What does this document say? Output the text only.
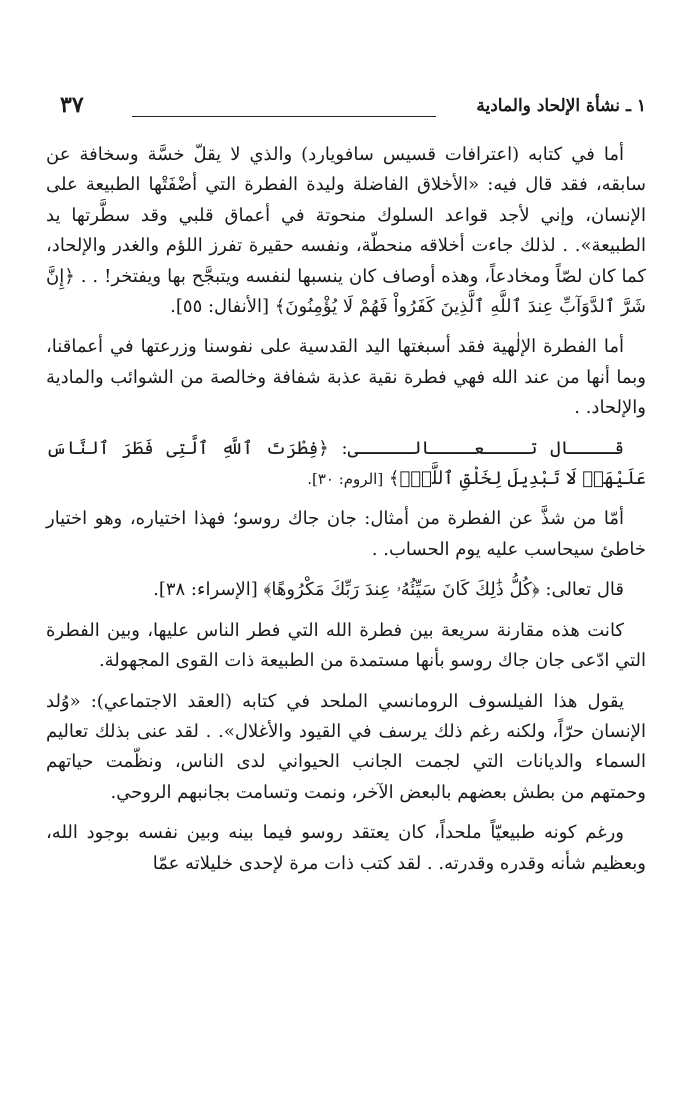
١ ـ نشأة الإلحاد والمادية
٣٧

أما في كتابه (اعترافات قسيس سافويارد) والذي لا يقلّ خسَّة وسخافة عن سابقه، فقد قال فيه: «الأخلاق الفاضلة وليدة الفطرة التي أضْفَتْها الطبيعة على الإنسان، وإني لأجد قواعد السلوك منحوتة في أعماق قلبي وقد سطَّرتها يد الطبيعة». . لذلك جاءت أخلاقه منحطّة، ونفسه حقيرة تفرز اللؤم والغدر والإلحاد، كما كان لصّاً ومخادعاً، وهذه أوصاف كان ينسبها لنفسه ويتبجَّح بها ويفتخر! . . ﴿إِنَّ شَرَّ ٱلدَّوَآبِّ عِندَ ٱللَّهِ ٱلَّذِينَ كَفَرُواْ فَهُمْ لَا يُؤْمِنُونَ﴾ [الأنفال: ٥٥].

أما الفطرة الإلٰهية فقد أسبغتها اليد القدسية على نفوسنا وزرعتها في أعماقنا، وبما أنها من عند الله فهي فطرة نقية عذبة شفافة وخالصة من الشوائب والمادية والإلحاد. .

قــــال تــــعــــالـــــى: ﴿فِطْرَتَ ٱللَّهِ ٱلَّتِى فَطَرَ ٱلنَّاسَ عَلَيْهَاۚ لَا تَبْدِيلَ لِخَلْقِ ٱللَّهِۚ﴾ [الروم: ٣٠].

أمّا من شذَّ عن الفطرة من أمثال: جان جاك روسو؛ فهذا اختياره، وهو اختيار خاطئ سيحاسب عليه يوم الحساب. .

قال تعالى: ﴿كُلُّ ذَٰلِكَ كَانَ سَيِّئُهُۥ عِندَ رَبِّكَ مَكْرُوهًا﴾ [الإسراء: ٣٨].

كانت هذه مقارنة سريعة بين فطرة الله التي فطر الناس عليها، وبين الفطرة التي ادّعى جان جاك روسو بأنها مستمدة من الطبيعة ذات القوى المجهولة.

يقول هذا الفيلسوف الرومانسي الملحد في كتابه (العقد الاجتماعي): «وُلد الإنسان حرّاً، ولكنه رغم ذلك يرسف في القيود والأغلال». . لقد عنى بذلك تعاليم السماء والديانات التي لجمت الجانب الحيواني لدى الناس، ونظّمت حياتهم وحمتهم من بطش بعضهم بالبعض الآخر، ونمت وتسامت بجانبهم الروحي.

ورغم كونه طبيعيّاً ملحداً، كان يعتقد روسو فيما بينه وبين نفسه بوجود الله، وبعظيم شأنه وقدره وقدرته. . لقد كتب ذات مرة لإحدى خليلاته عمّا
